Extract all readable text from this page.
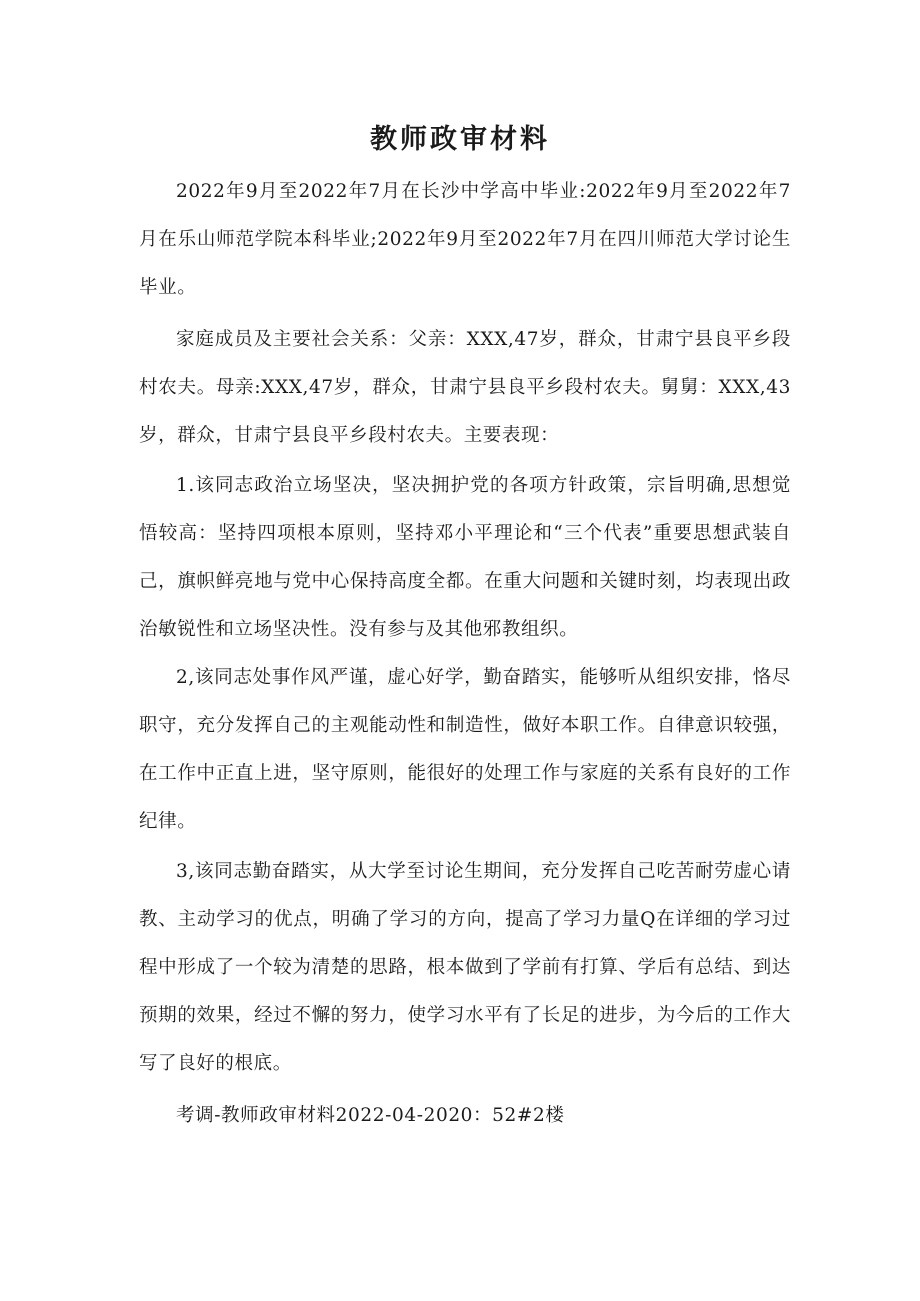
教师政审材料

2022年9月至2022年7月在长沙中学高中毕业:2022年9月至2022年7月在乐山师范学院本科毕业;2022年9月至2022年7月在四川师范大学讨论生毕业。

家庭成员及主要社会关系：父亲：XXX,47岁，群众，甘肃宁县良平乡段村农夫。母亲:XXX,47岁，群众，甘肃宁县良平乡段村农夫。舅舅：XXX,43岁，群众，甘肃宁县良平乡段村农夫。主要表现：

1.该同志政治立场坚决，坚决拥护党的各项方针政策，宗旨明确,思想觉悟较高：坚持四项根本原则，坚持邓小平理论和“三个代表”重要思想武装自己，旗帜鲜亮地与党中心保持高度全都。在重大问题和关键时刻，均表现出政治敏锐性和立场坚决性。没有参与及其他邪教组织。

2,该同志处事作风严谨，虚心好学，勤奋踏实，能够听从组织安排，恪尽职守，充分发挥自己的主观能动性和制造性，做好本职工作。自律意识较强，在工作中正直上进，坚守原则，能很好的处理工作与家庭的关系有良好的工作纪律。

3,该同志勤奋踏实，从大学至讨论生期间，充分发挥自己吃苦耐劳虚心请教、主动学习的优点，明确了学习的方向，提高了学习力量Q在详细的学习过程中形成了一个较为清楚的思路，根本做到了学前有打算、学后有总结、到达预期的效果，经过不懈的努力，使学习水平有了长足的进步，为今后的工作大写了良好的根底。

考调-教师政审材料2022-04-2020：52#2楼
